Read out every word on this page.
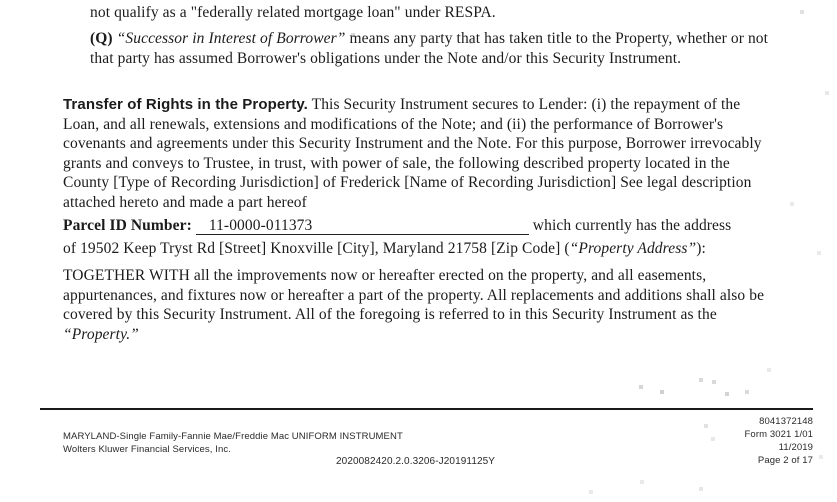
not qualify as a "federally related mortgage loan" under RESPA.
(Q) “Successor in Interest of Borrower” means any party that has taken title to the Property, whether or not that party has assumed Borrower's obligations under the Note and/or this Security Instrument.
Transfer of Rights in the Property. This Security Instrument secures to Lender: (i) the repayment of the Loan, and all renewals, extensions and modifications of the Note; and (ii) the performance of Borrower's covenants and agreements under this Security Instrument and the Note. For this purpose, Borrower irrevocably grants and conveys to Trustee, in trust, with power of sale, the following described property located in the County [Type of Recording Jurisdiction] of Frederick [Name of Recording Jurisdiction] See legal description attached hereto and made a part hereof
Parcel ID Number: 11-0000-011373	which currently has the address
of 19502 Keep Tryst Rd [Street] Knoxville [City], Maryland 21758 [Zip Code] (“Property Address”):
TOGETHER WITH all the improvements now or hereafter erected on the property, and all easements, appurtenances, and fixtures now or hereafter a part of the property. All replacements and additions shall also be covered by this Security Instrument. All of the foregoing is referred to in this Security Instrument as the “Property.”
MARYLAND-Single Family-Fannie Mae/Freddie Mac UNIFORM INSTRUMENT
Wolters Kluwer Financial Services, Inc.
2020082420.2.0.3206-J20191125Y
8041372148
Form 3021 1/01
11/2019
Page 2 of 17
